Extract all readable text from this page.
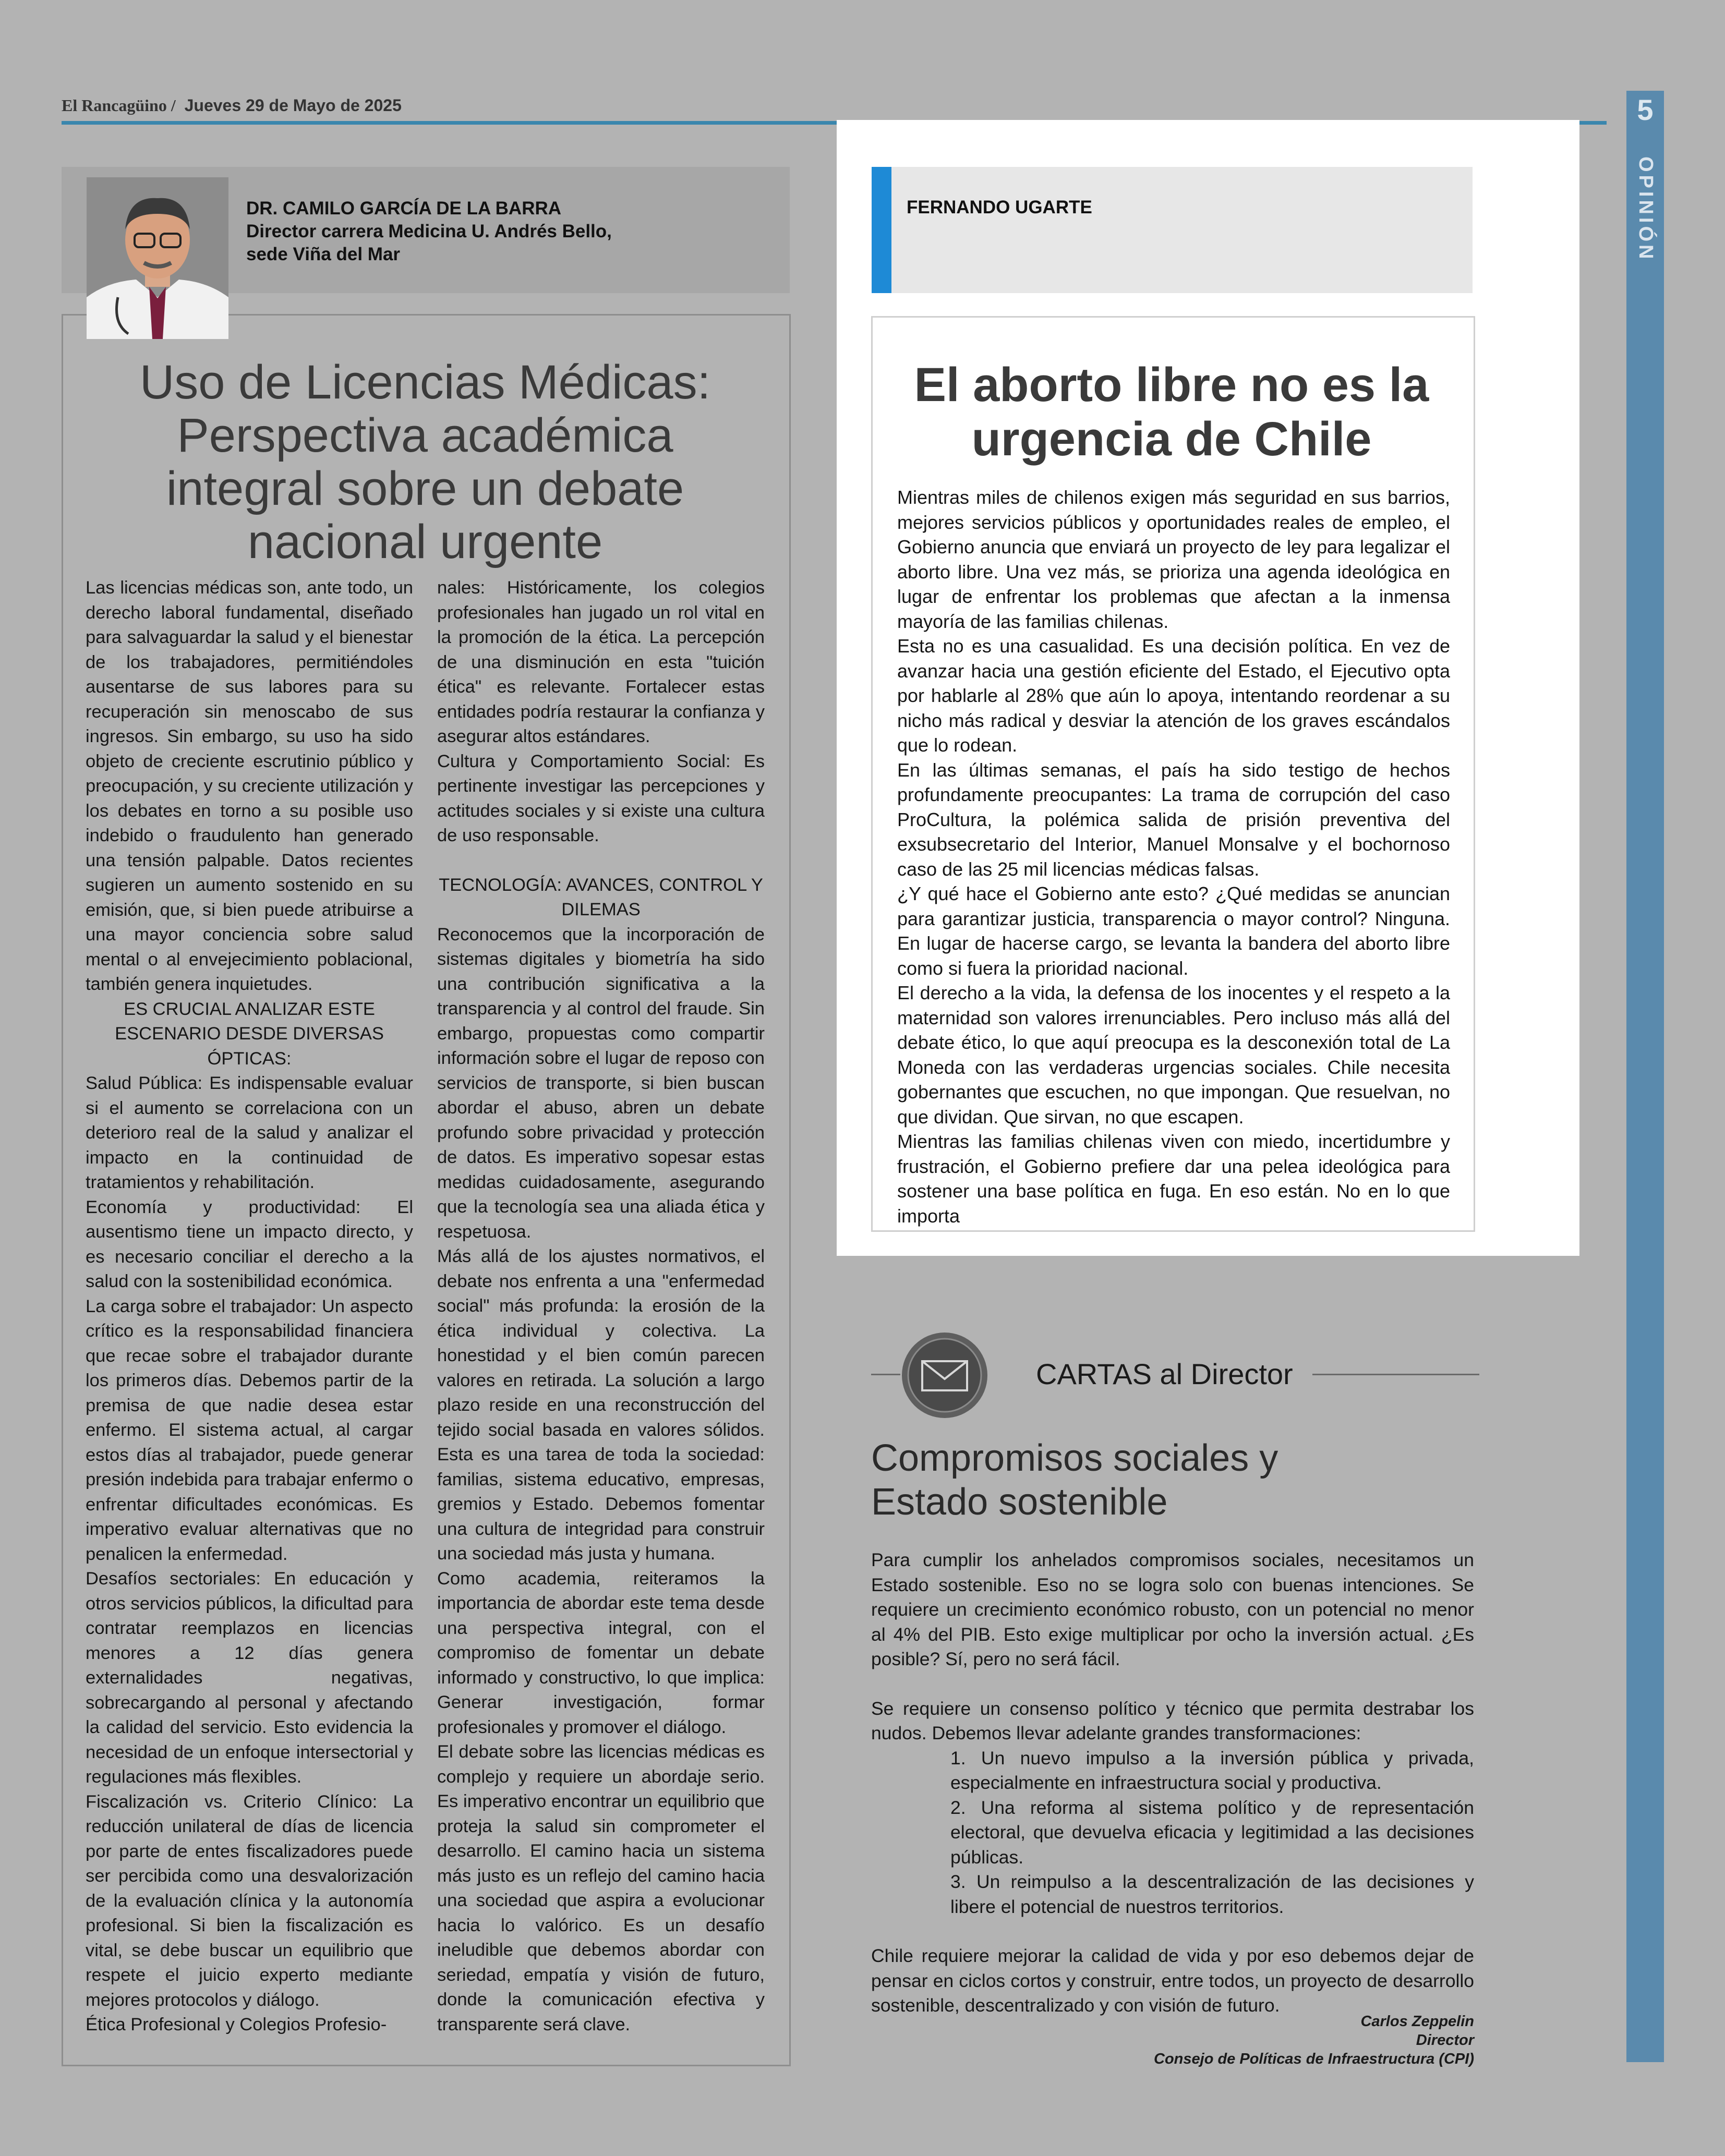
El Rancagüino / Jueves 29 de Mayo de 2025	5
OPINIÓN
DR. CAMILO GARCÍA DE LA BARRA
Director carrera Medicina U. Andrés Bello,
sede Viña del Mar
Uso de Licencias Médicas: Perspectiva académica integral sobre un debate nacional urgente

Las licencias médicas son, ante todo, un derecho laboral fundamental, diseñado para salvaguardar la salud y el bienestar de los trabajadores, permitiéndoles ausentarse de sus labores para su recuperación sin menoscabo de sus ingresos. Sin embargo, su uso ha sido objeto de creciente escrutinio público y preocupación, y su creciente utilización y los debates en torno a su posible uso indebido o fraudulento han generado una tensión palpable. Datos recientes sugieren un aumento sostenido en su emisión, que, si bien puede atribuirse a una mayor conciencia sobre salud mental o al envejecimiento poblacional, también genera inquietudes.

ES CRUCIAL ANALIZAR ESTE ESCENARIO DESDE DIVERSAS ÓPTICAS:

Salud Pública: Es indispensable evaluar si el aumento se correlaciona con un deterioro real de la salud y analizar el impacto en la continuidad de tratamientos y rehabilitación.

Economía y productividad: El ausentismo tiene un impacto directo, y es necesario conciliar el derecho a la salud con la sostenibilidad económica.

La carga sobre el trabajador: Un aspecto crítico es la responsabilidad financiera que recae sobre el trabajador durante los primeros días. Debemos partir de la premisa de que nadie desea estar enfermo. El sistema actual, al cargar estos días al trabajador, puede generar presión indebida para trabajar enfermo o enfrentar dificultades económicas. Es imperativo evaluar alternativas que no penalicen la enfermedad.

Desafíos sectoriales: En educación y otros servicios públicos, la dificultad para contratar reemplazos en licencias menores a 12 días genera externalidades negativas, sobrecargando al personal y afectando la calidad del servicio. Esto evidencia la necesidad de un enfoque intersectorial y regulaciones más flexibles.

Fiscalización vs. Criterio Clínico: La reducción unilateral de días de licencia por parte de entes fiscalizadores puede ser percibida como una desvalorización de la evaluación clínica y la autonomía profesional. Si bien la fiscalización es vital, se debe buscar un equilibrio que respete el juicio experto mediante mejores protocolos y diálogo.

Ética Profesional y Colegios Profesio-

nales: Históricamente, los colegios profesionales han jugado un rol vital en la promoción de la ética. La percepción de una disminución en esta "tuición ética" es relevante. Fortalecer estas entidades podría restaurar la confianza y asegurar altos estándares.

Cultura y Comportamiento Social: Es pertinente investigar las percepciones y actitudes sociales y si existe una cultura de uso responsable.

TECNOLOGÍA: AVANCES, CONTROL Y DILEMAS

Reconocemos que la incorporación de sistemas digitales y biometría ha sido una contribución significativa a la transparencia y al control del fraude. Sin embargo, propuestas como compartir información sobre el lugar de reposo con servicios de transporte, si bien buscan abordar el abuso, abren un debate profundo sobre privacidad y protección de datos. Es imperativo sopesar estas medidas cuidadosamente, asegurando que la tecnología sea una aliada ética y respetuosa.

Más allá de los ajustes normativos, el debate nos enfrenta a una "enfermedad social" más profunda: la erosión de la ética individual y colectiva. La honestidad y el bien común parecen valores en retirada. La solución a largo plazo reside en una reconstrucción del tejido social basada en valores sólidos. Esta es una tarea de toda la sociedad: familias, sistema educativo, empresas, gremios y Estado. Debemos fomentar una cultura de integridad para construir una sociedad más justa y humana.

Como academia, reiteramos la importancia de abordar este tema desde una perspectiva integral, con el compromiso de fomentar un debate informado y constructivo, lo que implica: Generar investigación, formar profesionales y promover el diálogo.

El debate sobre las licencias médicas es complejo y requiere un abordaje serio. Es imperativo encontrar un equilibrio que proteja la salud sin comprometer el desarrollo. El camino hacia un sistema más justo es un reflejo del camino hacia una sociedad que aspira a evolucionar hacia lo valórico. Es un desafío ineludible que debemos abordar con seriedad, empatía y visión de futuro, donde la comunicación efectiva y transparente será clave.

FERNANDO UGARTE
El aborto libre no es la urgencia de Chile

Mientras miles de chilenos exigen más seguridad en sus barrios, mejores servicios públicos y oportunidades reales de empleo, el Gobierno anuncia que enviará un proyecto de ley para legalizar el aborto libre. Una vez más, se prioriza una agenda ideológica en lugar de enfrentar los problemas que afectan a la inmensa mayoría de las familias chilenas.

Esta no es una casualidad. Es una decisión política. En vez de avanzar hacia una gestión eficiente del Estado, el Ejecutivo opta por hablarle al 28% que aún lo apoya, intentando reordenar a su nicho más radical y desviar la atención de los graves escándalos que lo rodean.

En las últimas semanas, el país ha sido testigo de hechos profundamente preocupantes: La trama de corrupción del caso ProCultura, la polémica salida de prisión preventiva del exsubsecretario del Interior, Manuel Monsalve y el bochornoso caso de las 25 mil licencias médicas falsas.

¿Y qué hace el Gobierno ante esto? ¿Qué medidas se anuncian para garantizar justicia, transparencia o mayor control? Ninguna. En lugar de hacerse cargo, se levanta la bandera del aborto libre como si fuera la prioridad nacional.

El derecho a la vida, la defensa de los inocentes y el respeto a la maternidad son valores irrenunciables. Pero incluso más allá del debate ético, lo que aquí preocupa es la desconexión total de La Moneda con las verdaderas urgencias sociales. Chile necesita gobernantes que escuchen, no que impongan. Que resuelvan, no que dividan. Que sirvan, no que escapen.

Mientras las familias chilenas viven con miedo, incertidumbre y frustración, el Gobierno prefiere dar una pelea ideológica para sostener una base política en fuga. En eso están. No en lo que importa

CARTAS al Director
Compromisos sociales y Estado sostenible

Para cumplir los anhelados compromisos sociales, necesitamos un Estado sostenible. Eso no se logra solo con buenas intenciones. Se requiere un crecimiento económico robusto, con un potencial no menor al 4% del PIB. Esto exige multiplicar por ocho la inversión actual. ¿Es posible? Sí, pero no será fácil.

Se requiere un consenso político y técnico que permita destrabar los nudos. Debemos llevar adelante grandes transformaciones:

1. Un nuevo impulso a la inversión pública y privada, especialmente en infraestructura social y productiva.

2. Una reforma al sistema político y de representación electoral, que devuelva eficacia y legitimidad a las decisiones públicas.

3. Un reimpulso a la descentralización de las decisiones y libere el potencial de nuestros territorios.

Chile requiere mejorar la calidad de vida y por eso debemos dejar de pensar en ciclos cortos y construir, entre todos, un proyecto de desarrollo sostenible, descentralizado y con visión de futuro.

Carlos Zeppelin
Director
Consejo de Políticas de Infraestructura (CPI)
